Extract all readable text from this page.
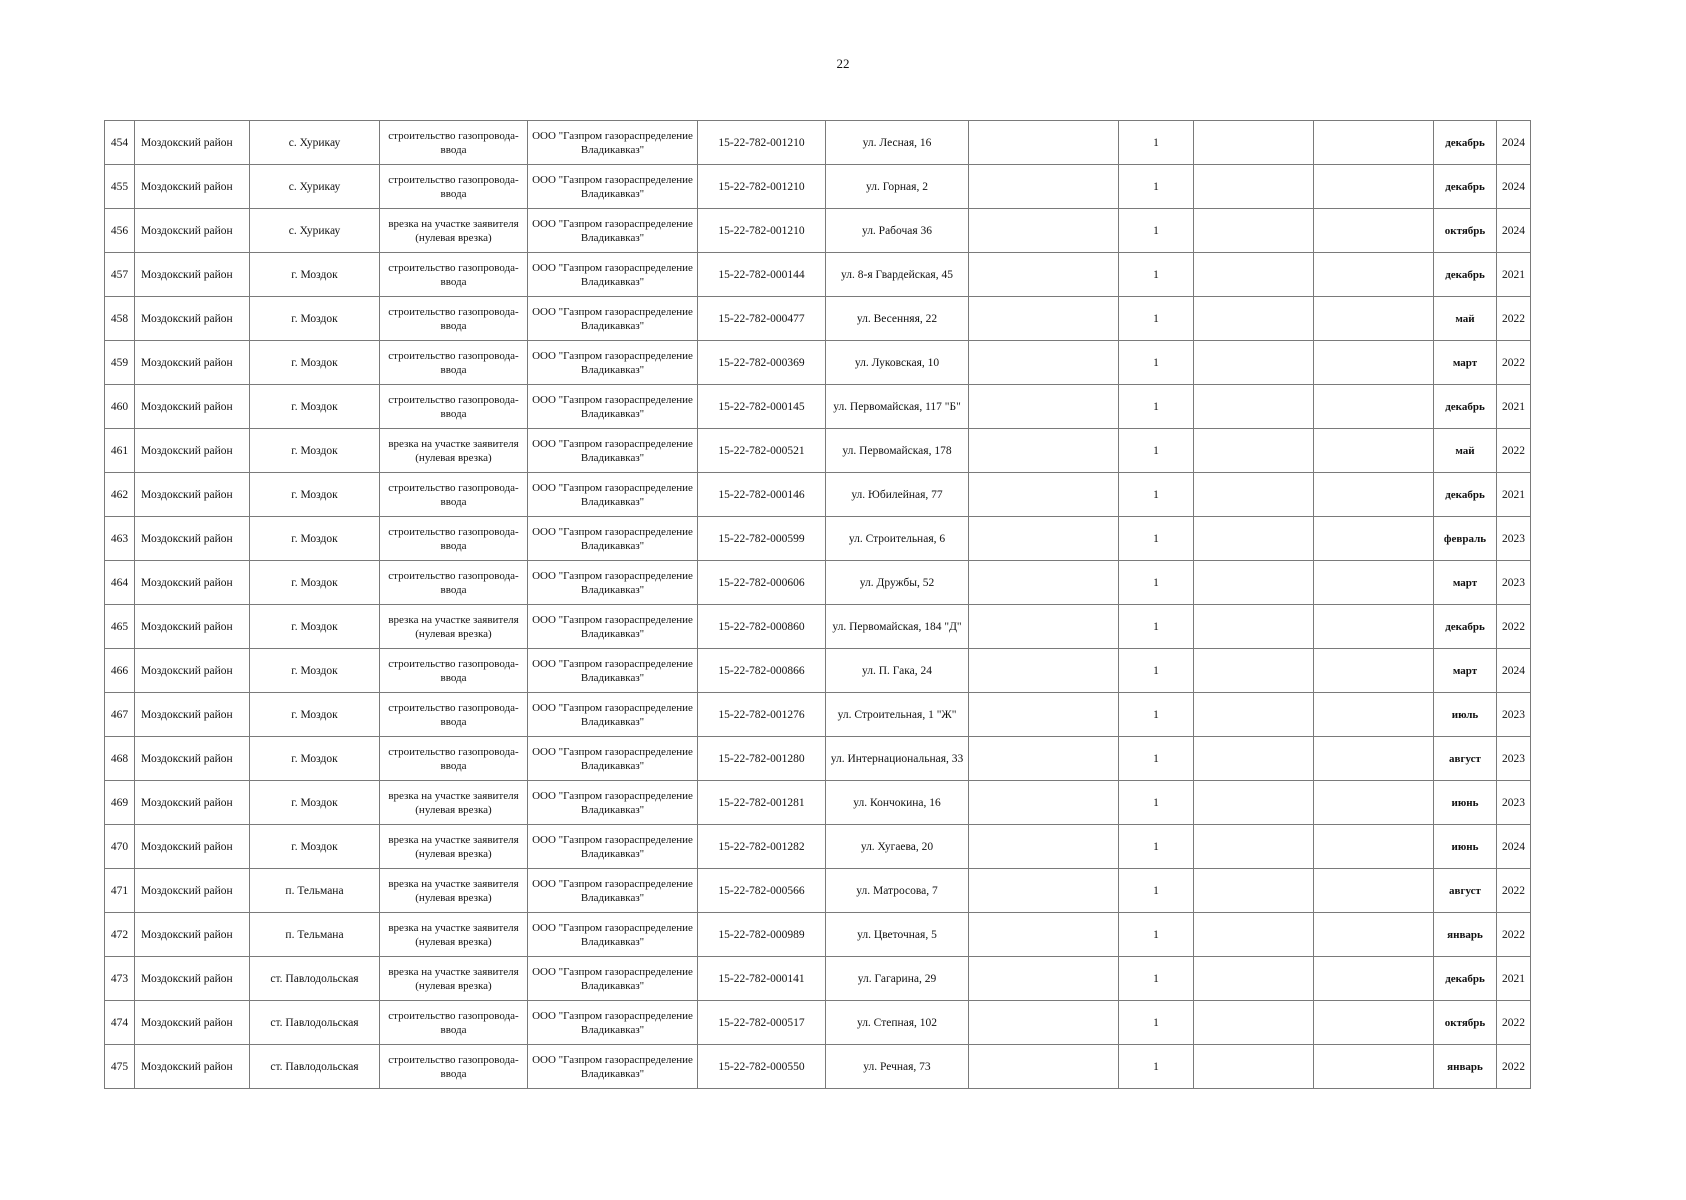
22
454	Моздокский район	с. Хурикау	строительство газопровода-ввода	ООО "Газпром газораспределение Владикавказ"	15-22-782-001210	ул. Лесная, 16		1			декабрь	2024
455	Моздокский район	с. Хурикау	строительство газопровода-ввода	ООО "Газпром газораспределение Владикавказ"	15-22-782-001210	ул. Горная, 2		1			декабрь	2024
456	Моздокский район	с. Хурикау	врезка на участке заявителя (нулевая врезка)	ООО "Газпром газораспределение Владикавказ"	15-22-782-001210	ул. Рабочая 36		1			октябрь	2024
457	Моздокский район	г. Моздок	строительство газопровода-ввода	ООО "Газпром газораспределение Владикавказ"	15-22-782-000144	ул. 8-я Гвардейская, 45		1			декабрь	2021
458	Моздокский район	г. Моздок	строительство газопровода-ввода	ООО "Газпром газораспределение Владикавказ"	15-22-782-000477	ул. Весенняя, 22		1			май	2022
459	Моздокский район	г. Моздок	строительство газопровода-ввода	ООО "Газпром газораспределение Владикавказ"	15-22-782-000369	ул. Луковская, 10		1			март	2022
460	Моздокский район	г. Моздок	строительство газопровода-ввода	ООО "Газпром газораспределение Владикавказ"	15-22-782-000145	ул. Первомайская, 117 "Б"		1			декабрь	2021
461	Моздокский район	г. Моздок	врезка на участке заявителя (нулевая врезка)	ООО "Газпром газораспределение Владикавказ"	15-22-782-000521	ул. Первомайская, 178		1			май	2022
462	Моздокский район	г. Моздок	строительство газопровода-ввода	ООО "Газпром газораспределение Владикавказ"	15-22-782-000146	ул. Юбилейная, 77		1			декабрь	2021
463	Моздокский район	г. Моздок	строительство газопровода-ввода	ООО "Газпром газораспределение Владикавказ"	15-22-782-000599	ул. Строительная, 6		1			февраль	2023
464	Моздокский район	г. Моздок	строительство газопровода-ввода	ООО "Газпром газораспределение Владикавказ"	15-22-782-000606	ул. Дружбы, 52		1			март	2023
465	Моздокский район	г. Моздок	врезка на участке заявителя (нулевая врезка)	ООО "Газпром газораспределение Владикавказ"	15-22-782-000860	ул. Первомайская, 184 "Д"		1			декабрь	2022
466	Моздокский район	г. Моздок	строительство газопровода-ввода	ООО "Газпром газораспределение Владикавказ"	15-22-782-000866	ул. П. Гака, 24		1			март	2024
467	Моздокский район	г. Моздок	строительство газопровода-ввода	ООО "Газпром газораспределение Владикавказ"	15-22-782-001276	ул. Строительная, 1 "Ж"		1			июль	2023
468	Моздокский район	г. Моздок	строительство газопровода-ввода	ООО "Газпром газораспределение Владикавказ"	15-22-782-001280	ул. Интернациональная, 33		1			август	2023
469	Моздокский район	г. Моздок	врезка на участке заявителя (нулевая врезка)	ООО "Газпром газораспределение Владикавказ"	15-22-782-001281	ул. Кончокина, 16		1			июнь	2023
470	Моздокский район	г. Моздок	врезка на участке заявителя (нулевая врезка)	ООО "Газпром газораспределение Владикавказ"	15-22-782-001282	ул. Хугаева, 20		1			июнь	2024
471	Моздокский район	п. Тельмана	врезка на участке заявителя (нулевая врезка)	ООО "Газпром газораспределение Владикавказ"	15-22-782-000566	ул. Матросова, 7		1			август	2022
472	Моздокский район	п. Тельмана	врезка на участке заявителя (нулевая врезка)	ООО "Газпром газораспределение Владикавказ"	15-22-782-000989	ул. Цветочная, 5		1			январь	2022
473	Моздокский район	ст. Павлодольская	врезка на участке заявителя (нулевая врезка)	ООО "Газпром газораспределение Владикавказ"	15-22-782-000141	ул. Гагарина, 29		1			декабрь	2021
474	Моздокский район	ст. Павлодольская	строительство газопровода-ввода	ООО "Газпром газораспределение Владикавказ"	15-22-782-000517	ул. Степная, 102		1			октябрь	2022
475	Моздокский район	ст. Павлодольская	строительство газопровода-ввода	ООО "Газпром газораспределение Владикавказ"	15-22-782-000550	ул. Речная, 73		1			январь	2022
